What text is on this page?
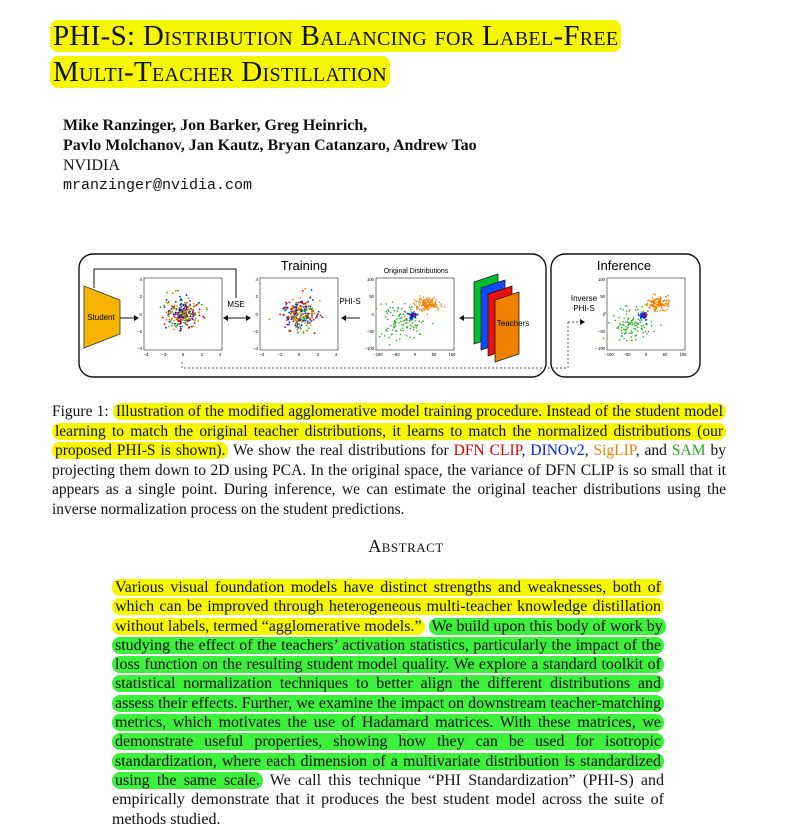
PHI-S: Distribution Balancing for Label-Free
Multi-Teacher Distillation
Mike Ranzinger, Jon Barker, Greg Heinrich,
Pavlo Molchanov, Jan Kautz, Bryan Catanzaro, Andrew Tao
NVIDIA
mranzinger@nvidia.com
Training	Inference
Original Distributions
Student
−4	−2	0	2	4
4
2
0
−2
−4
MSE
−4	−2	0	2	4
4
2
0
−2
−4
PHI-S
−100 −50	0	50	100
100
50
0
−50
−100
Teachers
Inverse
PHI-S
−100 −50	0	50	100
100
50
0
−50
−100
Figure 1: Illustration of the modified agglomerative model training procedure. Instead of the student model learning to match the original teacher distributions, it learns to match the normalized distributions (our proposed PHI-S is shown). We show the real distributions for DFN CLIP, DINOv2, SigLIP, and SAM by projecting them down to 2D using PCA. In the original space, the variance of DFN CLIP is so small that it appears as a single point. During inference, we can estimate the original teacher distributions using the inverse normalization process on the student predictions.
Abstract
Various visual foundation models have distinct strengths and weaknesses, both of which can be improved through heterogeneous multi-teacher knowledge distillation without labels, termed “agglomerative models.” We build upon this body of work by studying the effect of the teachers’ activation statistics, particularly the impact of the loss function on the resulting student model quality. We explore a standard toolkit of statistical normalization techniques to better align the different distributions and assess their effects. Further, we examine the impact on downstream teacher-matching metrics, which motivates the use of Hadamard matrices. With these matrices, we demonstrate useful properties, showing how they can be used for isotropic standardization, where each dimension of a multivariate distribution is standardized using the same scale. We call this technique “PHI Standardization” (PHI-S) and empirically demonstrate that it produces the best student model across the suite of methods studied.
